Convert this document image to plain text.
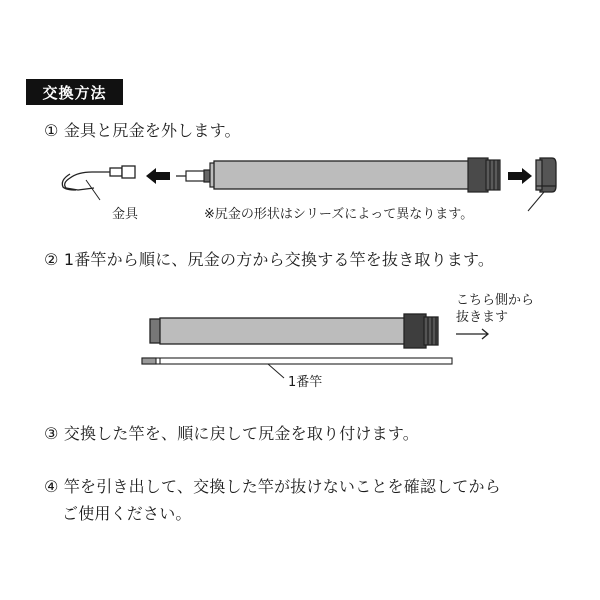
交換方法
① 金具と尻金を外します。
② 1番竿から順に、尻金の方から交換する竿を抜き取ります。
③ 交換した竿を、順に戻して尻金を取り付けます。
④ 竿を引き出して、交換した竿が抜けないことを確認してから
ご使用ください。
金具	※尻金の形状はシリーズによって異なります。
こちら側から
抜きます
1番竿
